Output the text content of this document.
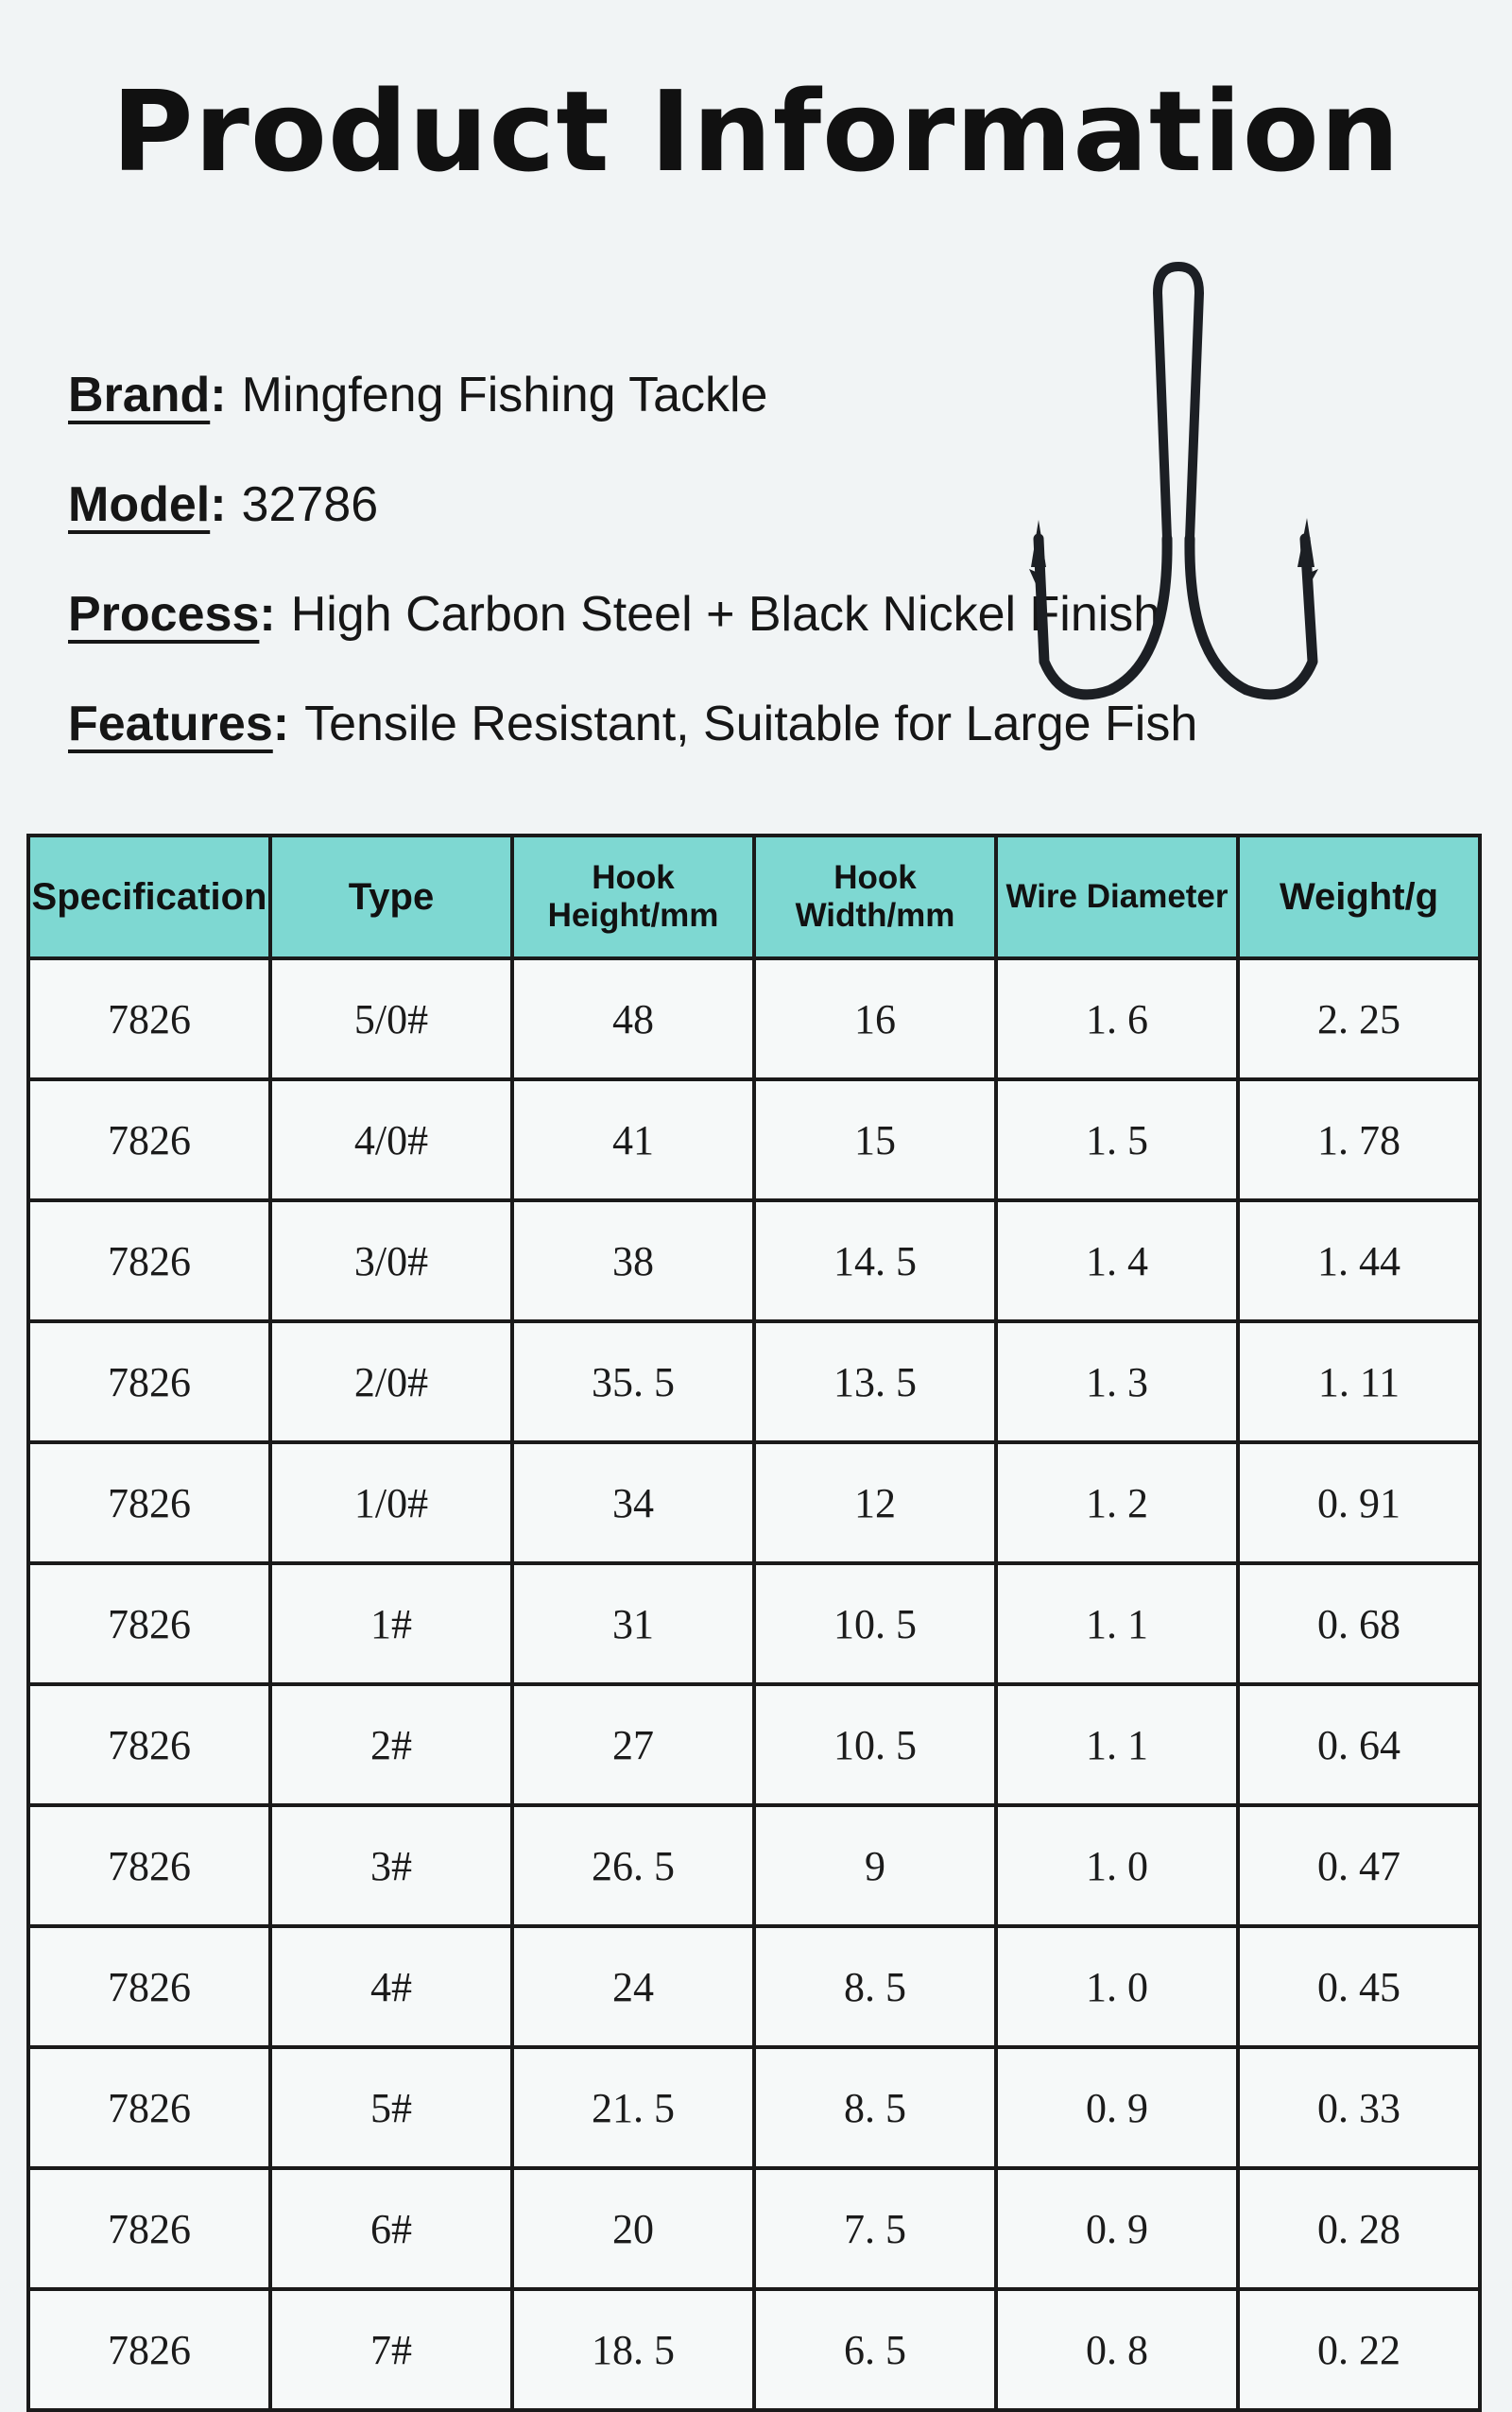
Product Information
Brand : Mingfeng Fishing Tackle
Model : 32786
Process : High Carbon Steel + Black Nickel Finish
Features : Tensile Resistant, Suitable for Large Fish
Specification	Type	Hook Height/mm	Hook Width/mm	Wire Diameter	Weight/g
7826	5/0#	48	16	1. 6	2. 25
7826	4/0#	41	15	1. 5	1. 78
7826	3/0#	38	14. 5	1. 4	1. 44
7826	2/0#	35. 5	13. 5	1. 3	1. 11
7826	1/0#	34	12	1. 2	0. 91
7826	1#	31	10. 5	1. 1	0. 68
7826	2#	27	10. 5	1. 1	0. 64
7826	3#	26. 5	9	1. 0	0. 47
7826	4#	24	8. 5	1. 0	0. 45
7826	5#	21. 5	8. 5	0. 9	0. 33
7826	6#	20	7. 5	0. 9	0. 28
7826	7#	18. 5	6. 5	0. 8	0. 22
